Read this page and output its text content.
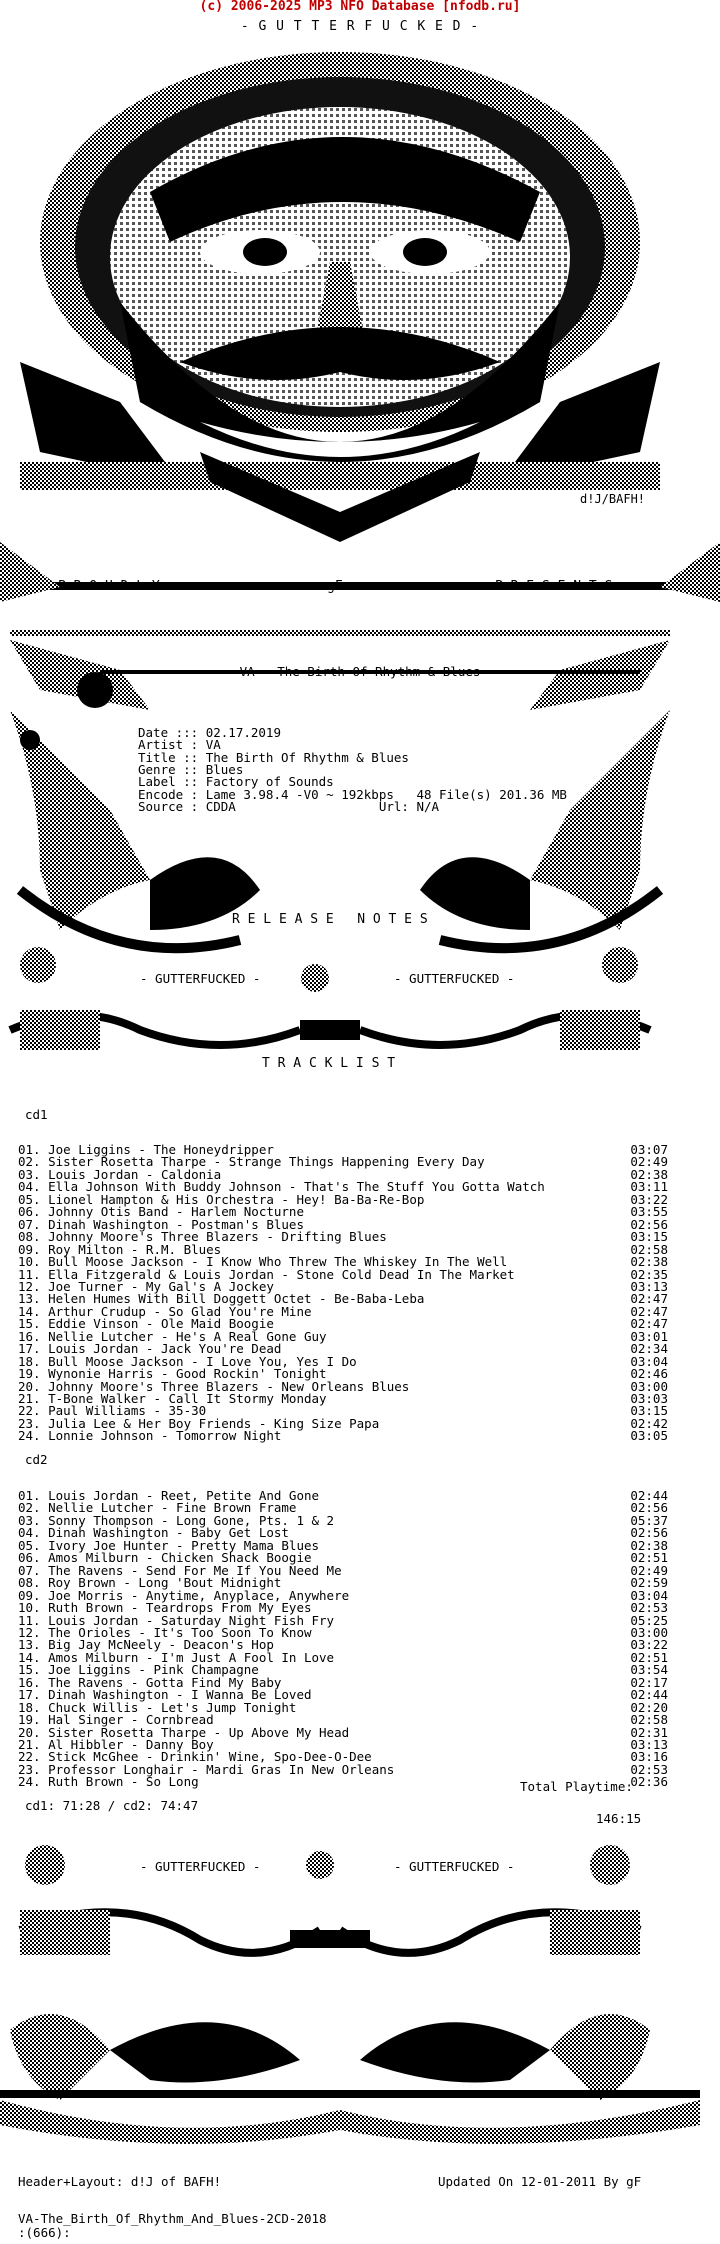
(c) 2006-2025 MP3 NFO Database [nfodb.ru]
- G U T T E R F U C K E D -
d!J/BAFH!
P R O U D L Y	gF	P R E S E N T S
VA - The Birth Of Rhythm & Blues
Date ::: 02.17.2019
Artist : VA
Title :: The Birth Of Rhythm & Blues
Genre :: Blues
Label :: Factory of Sounds
Encode : Lame 3.98.4 -V0 ~ 192kbps   48 File(s) 201.36 MB
Source : CDDA                   Url: N/A
R E L E A S E   N O T E S
- GUTTERFUCKED -	- GUTTERFUCKED -
T R A C K L I S T
cd1
01. Joe Liggins - The Honeydripper	03:07
02. Sister Rosetta Tharpe - Strange Things Happening Every Day	02:49
03. Louis Jordan - Caldonia	02:38
04. Ella Johnson With Buddy Johnson - That's The Stuff You Gotta Watch	03:11
05. Lionel Hampton & His Orchestra - Hey! Ba-Ba-Re-Bop	03:22
06. Johnny Otis Band - Harlem Nocturne	03:55
07. Dinah Washington - Postman's Blues	02:56
08. Johnny Moore's Three Blazers - Drifting Blues	03:15
09. Roy Milton - R.M. Blues	02:58
10. Bull Moose Jackson - I Know Who Threw The Whiskey In The Well	02:38
11. Ella Fitzgerald & Louis Jordan - Stone Cold Dead In The Market	02:35
12. Joe Turner - My Gal's A Jockey	03:13
13. Helen Humes With Bill Doggett Octet - Be-Baba-Leba	02:47
14. Arthur Crudup - So Glad You're Mine	02:47
15. Eddie Vinson - Ole Maid Boogie	02:47
16. Nellie Lutcher - He's A Real Gone Guy	03:01
17. Louis Jordan - Jack You're Dead	02:34
18. Bull Moose Jackson - I Love You, Yes I Do	03:04
19. Wynonie Harris - Good Rockin' Tonight	02:46
20. Johnny Moore's Three Blazers - New Orleans Blues	03:00
21. T-Bone Walker - Call It Stormy Monday	03:03
22. Paul Williams - 35-30	03:15
23. Julia Lee & Her Boy Friends - King Size Papa	02:42
24. Lonnie Johnson - Tomorrow Night	03:05
cd2
01. Louis Jordan - Reet, Petite And Gone	02:44
02. Nellie Lutcher - Fine Brown Frame	02:56
03. Sonny Thompson - Long Gone, Pts. 1 & 2	05:37
04. Dinah Washington - Baby Get Lost	02:56
05. Ivory Joe Hunter - Pretty Mama Blues	02:38
06. Amos Milburn - Chicken Shack Boogie	02:51
07. The Ravens - Send For Me If You Need Me	02:49
08. Roy Brown - Long 'Bout Midnight	02:59
09. Joe Morris - Anytime, Anyplace, Anywhere	03:04
10. Ruth Brown - Teardrops From My Eyes	02:53
11. Louis Jordan - Saturday Night Fish Fry	05:25
12. The Orioles - It's Too Soon To Know	03:00
13. Big Jay McNeely - Deacon's Hop	03:22
14. Amos Milburn - I'm Just A Fool In Love	02:51
15. Joe Liggins - Pink Champagne	03:54
16. The Ravens - Gotta Find My Baby	02:17
17. Dinah Washington - I Wanna Be Loved	02:44
18. Chuck Willis - Let's Jump Tonight	02:20
19. Hal Singer - Cornbread	02:58
20. Sister Rosetta Tharpe - Up Above My Head	02:31
21. Al Hibbler - Danny Boy	03:13
22. Stick McGhee - Drinkin' Wine, Spo-Dee-O-Dee	03:16
23. Professor Longhair - Mardi Gras In New Orleans	02:53
24. Ruth Brown - So Long	02:36
Total Playtime:
cd1: 71:28 / cd2: 74:47
146:15
- GUTTERFUCKED -	- GUTTERFUCKED -
Header+Layout: d!J of BAFH!	Updated On 12-01-2011 By gF
VA-The_Birth_Of_Rhythm_And_Blues-2CD-2018
:(666):
